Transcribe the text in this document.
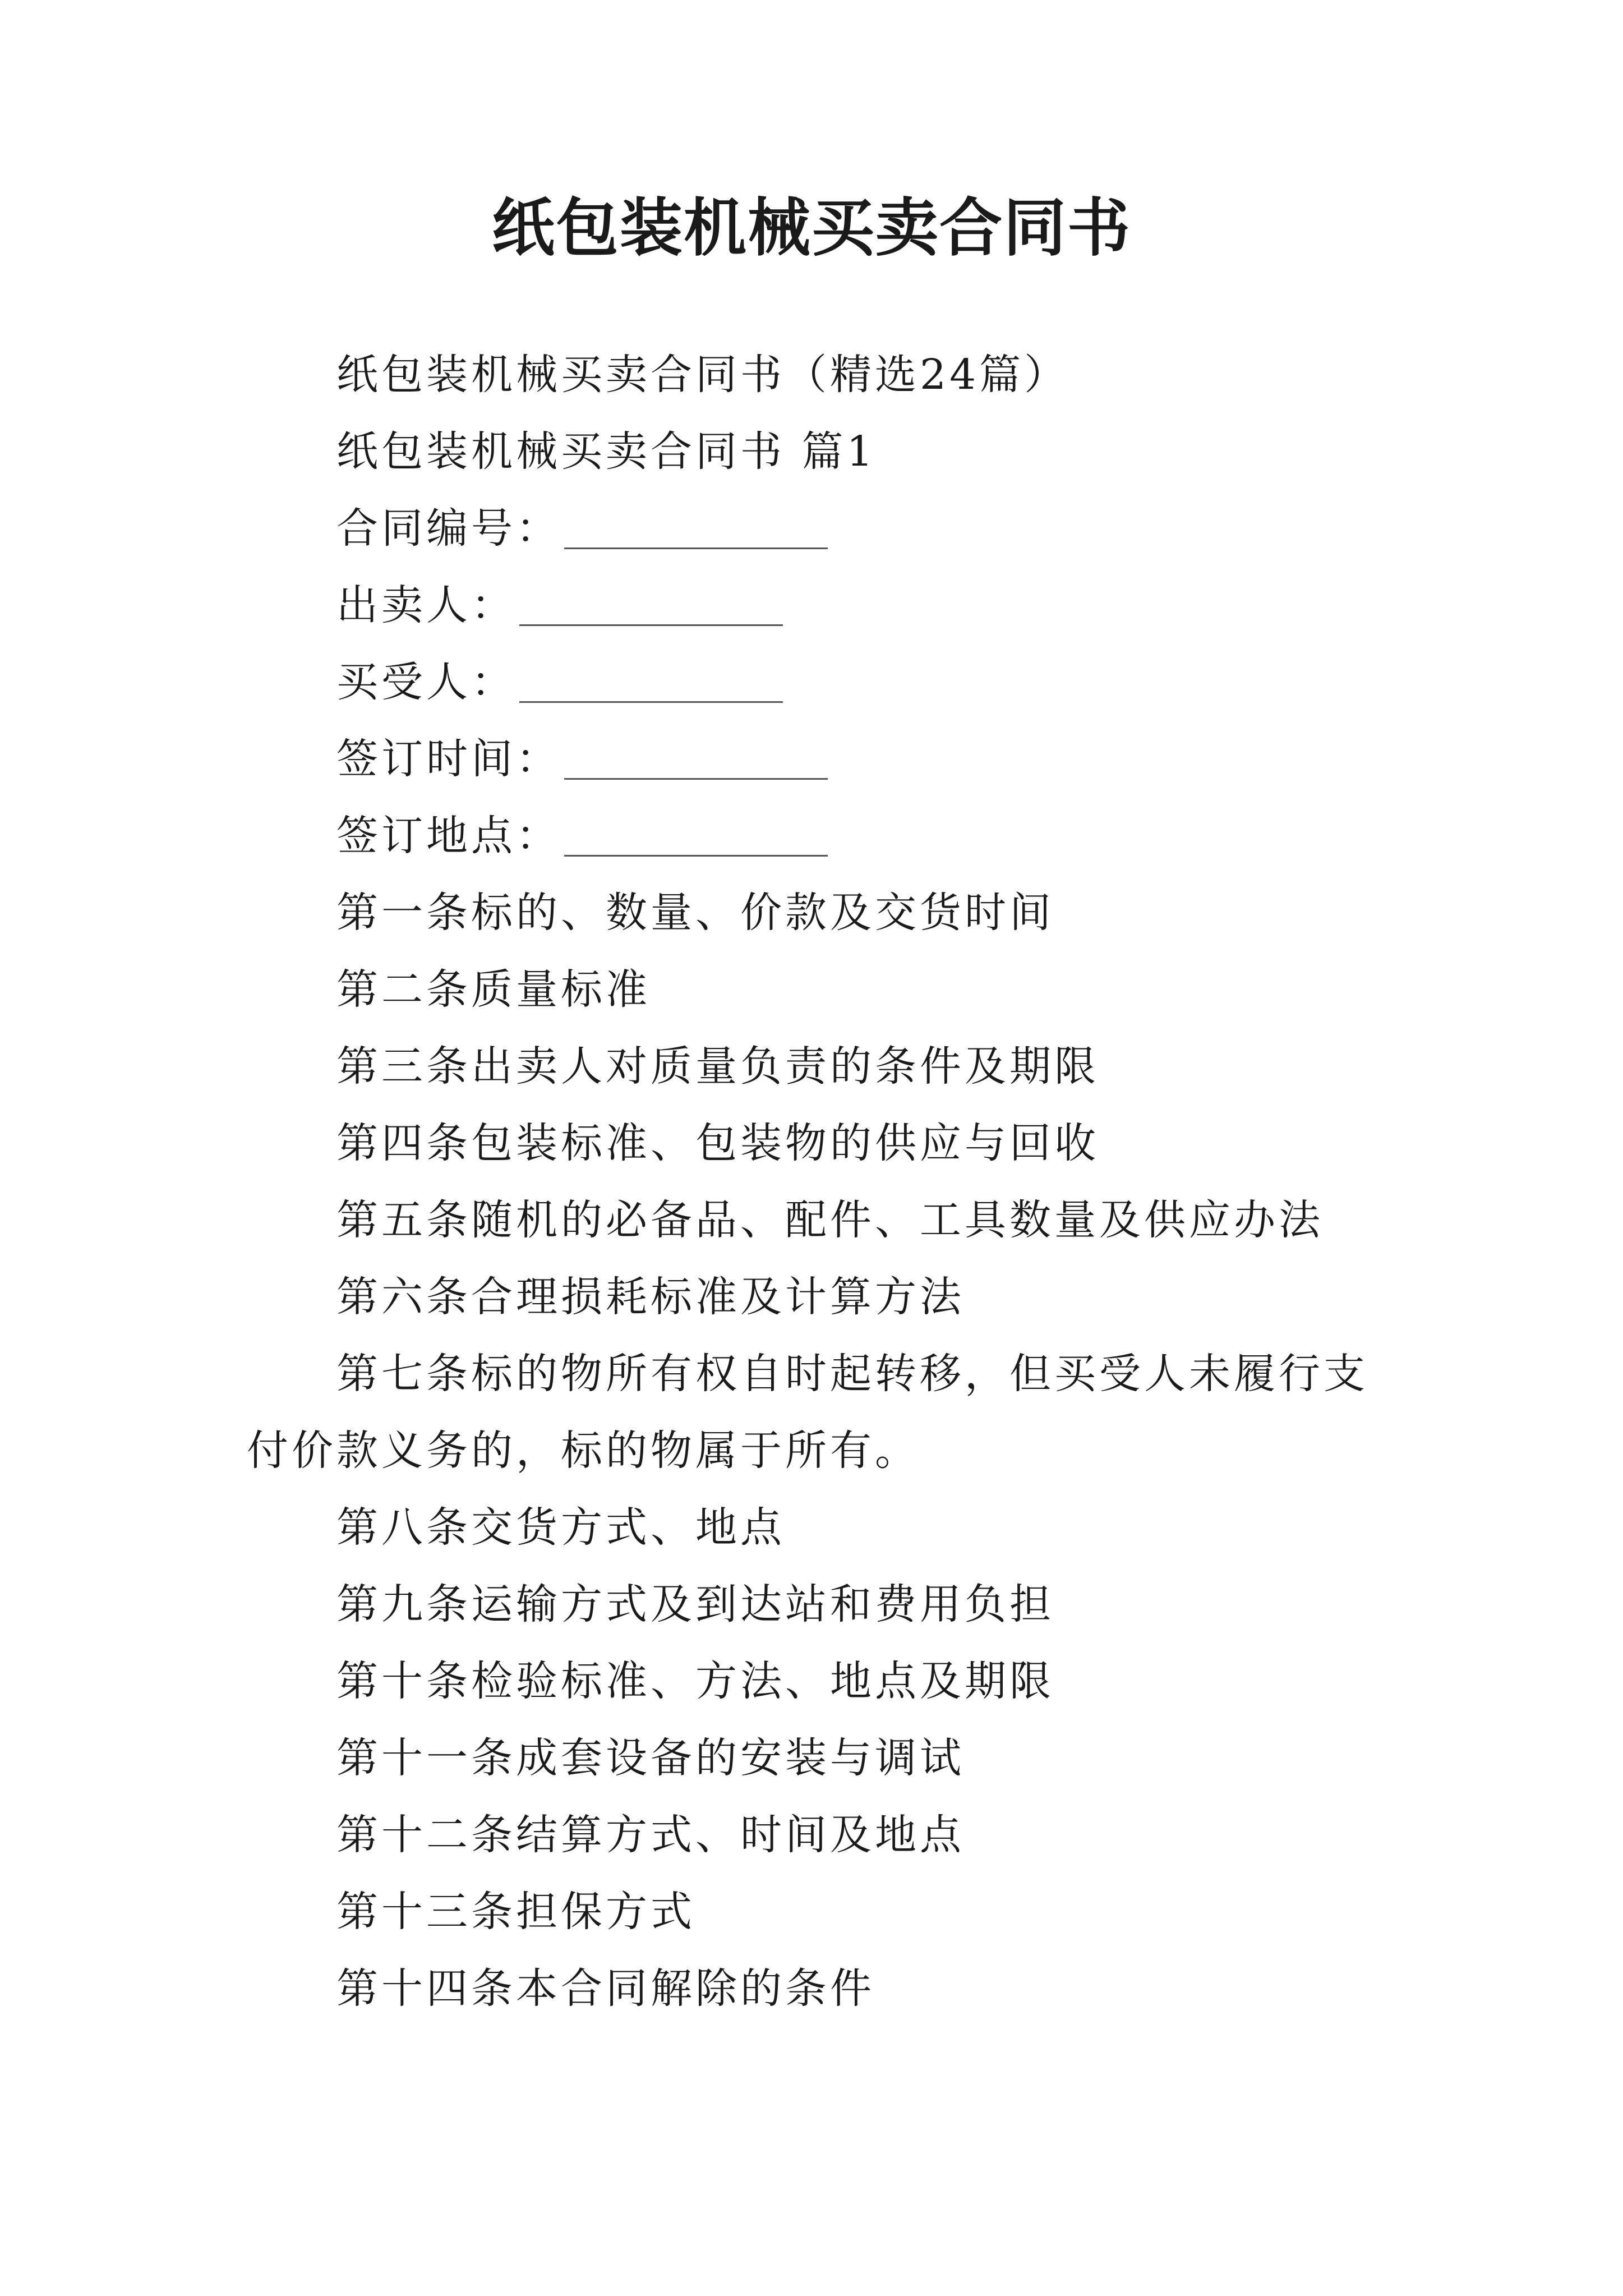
纸包装机械买卖合同书
纸包装机械买卖合同书（精选24篇）
纸包装机械买卖合同书 篇1
合同编号：
出卖人：
买受人：
签订时间：
签订地点：
第一条标的、数量、价款及交货时间
第二条质量标准
第三条出卖人对质量负责的条件及期限
第四条包装标准、包装物的供应与回收
第五条随机的必备品、配件、工具数量及供应办法
第六条合理损耗标准及计算方法
第七条标的物所有权自时起转移，但买受人未履行支付价款义务的，标的物属于所有。
第八条交货方式、地点
第九条运输方式及到达站和费用负担
第十条检验标准、方法、地点及期限
第十一条成套设备的安装与调试
第十二条结算方式、时间及地点
第十三条担保方式
第十四条本合同解除的条件
